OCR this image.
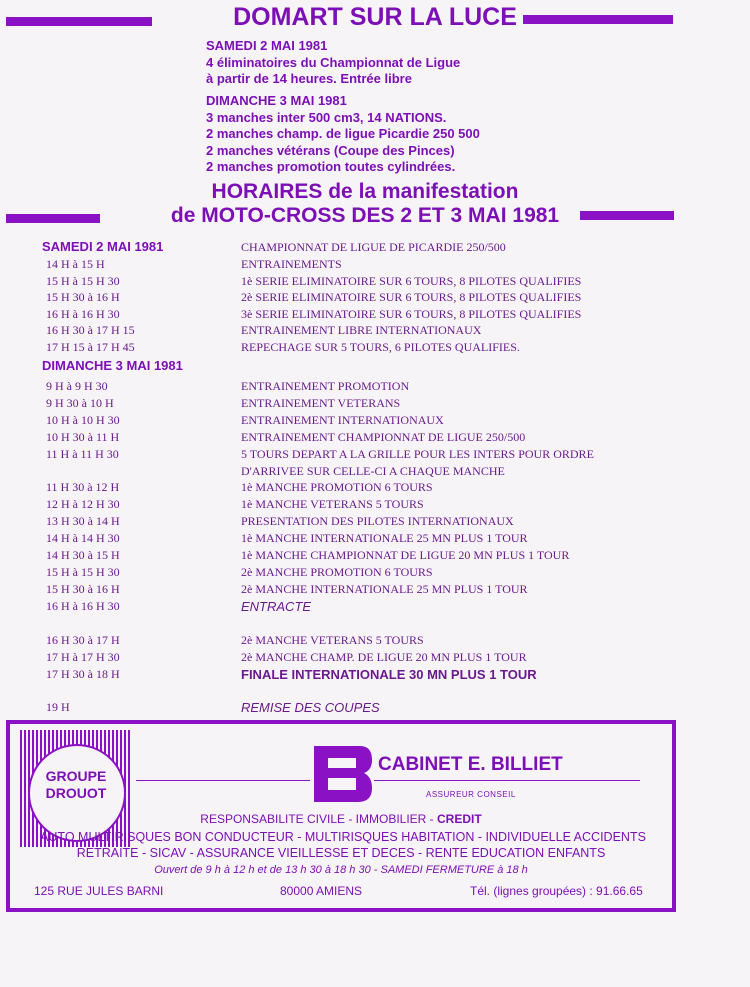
DOMART SUR LA LUCE
SAMEDI 2 MAI 1981
4 éliminatoires du Championnat de Ligue
à partir de 14 heures. Entrée libre
DIMANCHE 3 MAI 1981
3 manches inter 500 cm3, 14 NATIONS.
2 manches champ. de ligue Picardie 250 500
2 manches vétérans (Coupe des Pinces)
2 manches promotion toutes cylindrées.
HORAIRES de la manifestation
de MOTO-CROSS DES 2 ET 3 MAI 1981
SAMEDI 2 MAI 1981	CHAMPIONNAT DE LIGUE DE PICARDIE 250/500
14 H à 15 H	ENTRAINEMENTS
15 H à 15 H 30	1è SERIE ELIMINATOIRE SUR 6 TOURS, 8 PILOTES QUALIFIES
15 H 30 à 16 H	2è SERIE ELIMINATOIRE SUR 6 TOURS, 8 PILOTES QUALIFIES
16 H à 16 H 30	3è SERIE ELIMINATOIRE SUR 6 TOURS, 8 PILOTES QUALIFIES
16 H 30 à 17 H 15	ENTRAINEMENT LIBRE INTERNATIONAUX
17 H 15 à 17 H 45	REPECHAGE SUR 5 TOURS, 6 PILOTES QUALIFIES.
DIMANCHE 3 MAI 1981
9 H à 9 H 30	ENTRAINEMENT PROMOTION
9 H 30 à 10 H	ENTRAINEMENT VETERANS
10 H à 10 H 30	ENTRAINEMENT INTERNATIONAUX
10 H 30 à 11 H	ENTRAINEMENT CHAMPIONNAT DE LIGUE 250/500
11 H à 11 H 30	5 TOURS DEPART A LA GRILLE POUR LES INTERS POUR ORDRE
D'ARRIVEE SUR CELLE-CI A CHAQUE MANCHE
11 H 30 à 12 H	1è MANCHE PROMOTION 6 TOURS
12 H à 12 H 30	1è MANCHE VETERANS 5 TOURS
13 H 30 à 14 H	PRESENTATION DES PILOTES INTERNATIONAUX
14 H à 14 H 30	1è MANCHE INTERNATIONALE 25 MN PLUS 1 TOUR
14 H 30 à 15 H	1è MANCHE CHAMPIONNAT DE LIGUE 20 MN PLUS 1 TOUR
15 H à 15 H 30	2è MANCHE PROMOTION 6 TOURS
15 H 30 à 16 H	2è MANCHE INTERNATIONALE 25 MN PLUS 1 TOUR
16 H à 16 H 30	ENTRACTE
16 H 30 à 17 H	2è MANCHE VETERANS 5 TOURS
17 H à 17 H 30	2è MANCHE CHAMP. DE LIGUE 20 MN PLUS 1 TOUR
17 H 30 à 18 H	FINALE INTERNATIONALE 30 MN PLUS 1 TOUR
19 H	REMISE DES COUPES
GROUPE
DROUOT
CABINET E. BILLIET
ASSUREUR CONSEIL
RESPONSABILITE CIVILE - IMMOBILIER - CREDIT
AUTO MULTIRISQUES BON CONDUCTEUR - MULTIRISQUES HABITATION - INDIVIDUELLE ACCIDENTS
RETRAITE - SICAV - ASSURANCE VIEILLESSE ET DECES - RENTE EDUCATION ENFANTS
Ouvert de 9 h à 12 h et de 13 h 30 à 18 h 30 - SAMEDI FERMETURE à 18 h
125 RUE JULES BARNI	80000 AMIENS	Tél. (lignes groupées) : 91.66.65
